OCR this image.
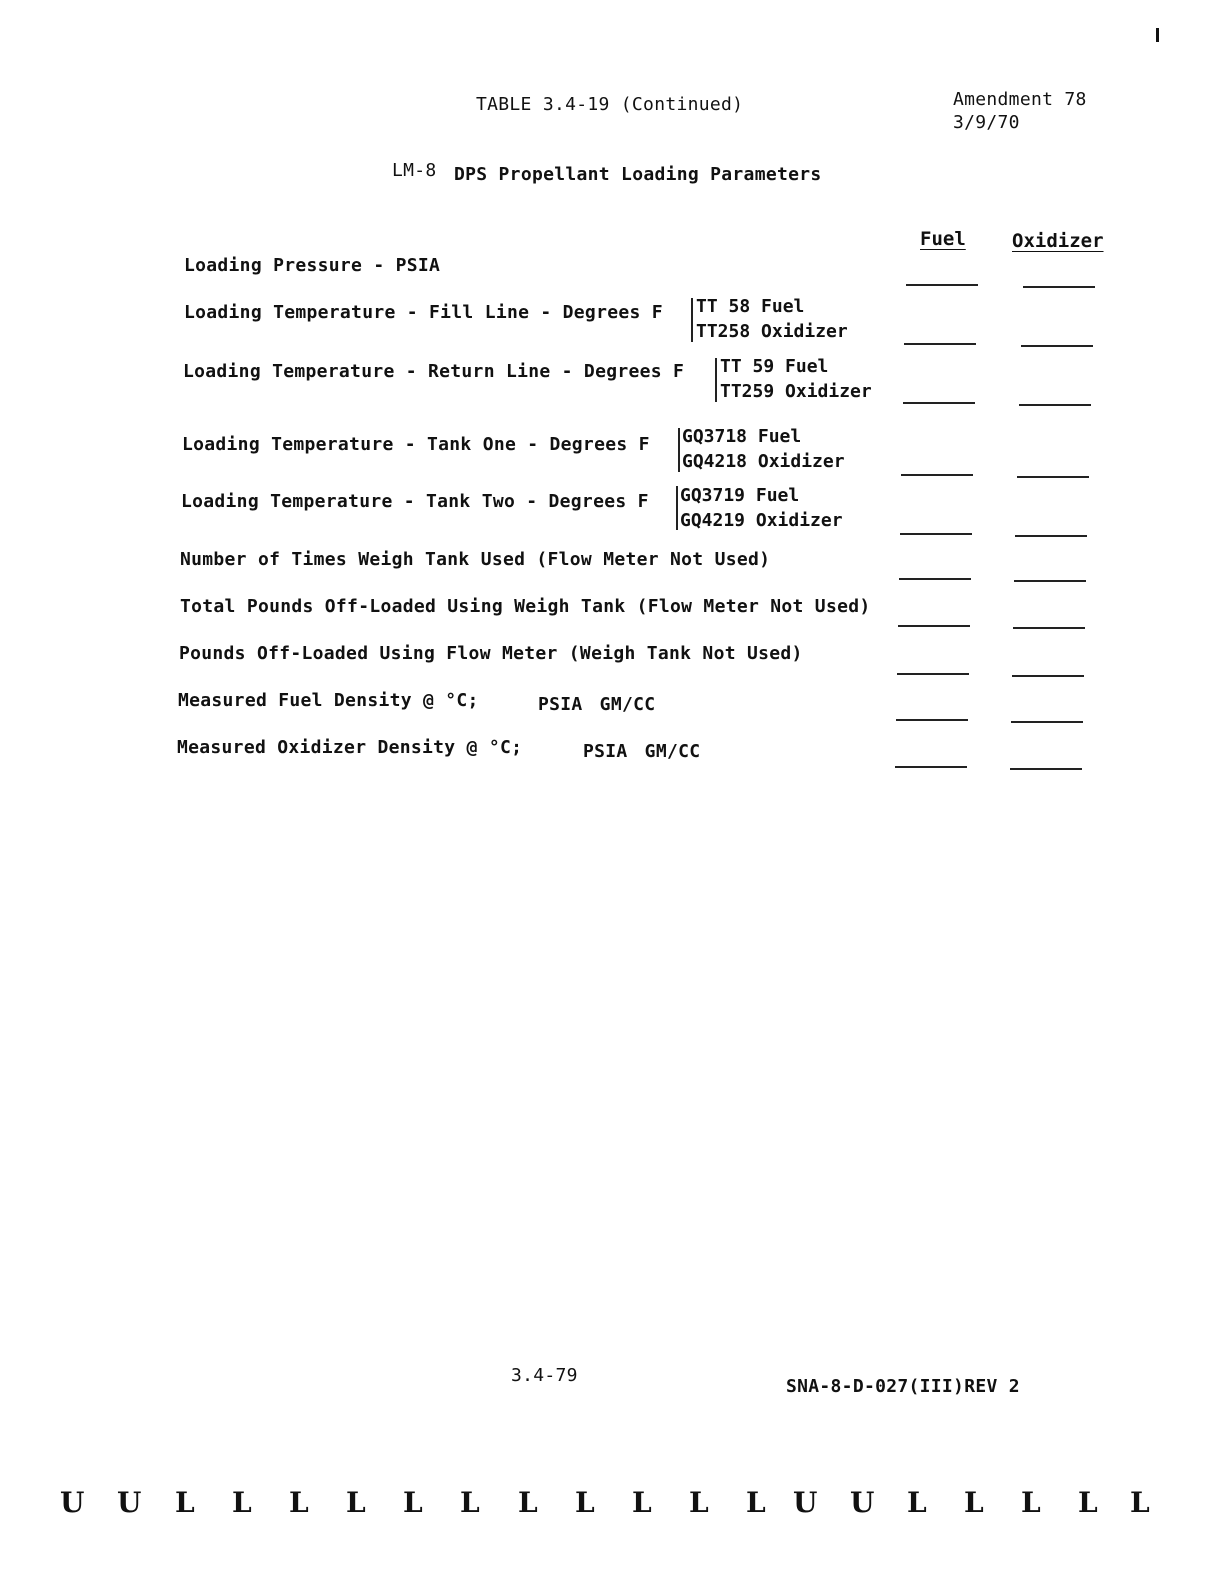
TABLE 3.4-19 (Continued)	Amendment 78
3/9/70
LM-8 DPS Propellant Loading Parameters
Fuel Oxidizer
Loading Pressure - PSIA
Loading Temperature - Fill Line - Degrees F TT 58 Fuel
TT258 Oxidizer
Loading Temperature - Return Line - Degrees F TT 59 Fuel
TT259 Oxidizer
Loading Temperature - Tank One - Degrees F GQ3718 Fuel
GQ4218 Oxidizer
Loading Temperature - Tank Two - Degrees F GQ3719 Fuel
GQ4219 Oxidizer
Number of Times Weigh Tank Used (Flow Meter Not Used)
Total Pounds Off-Loaded Using Weigh Tank (Flow Meter Not Used)
Pounds Off-Loaded Using Flow Meter (Weigh Tank Not Used)
Measured Fuel Density @ °C;	PSIA GM/CC
Measured Oxidizer Density @ °C;	PSIA GM/CC
3.4-79
SNA-8-D-027(III)REV 2
U U L L L L L L L L L L L U U L L L L L
